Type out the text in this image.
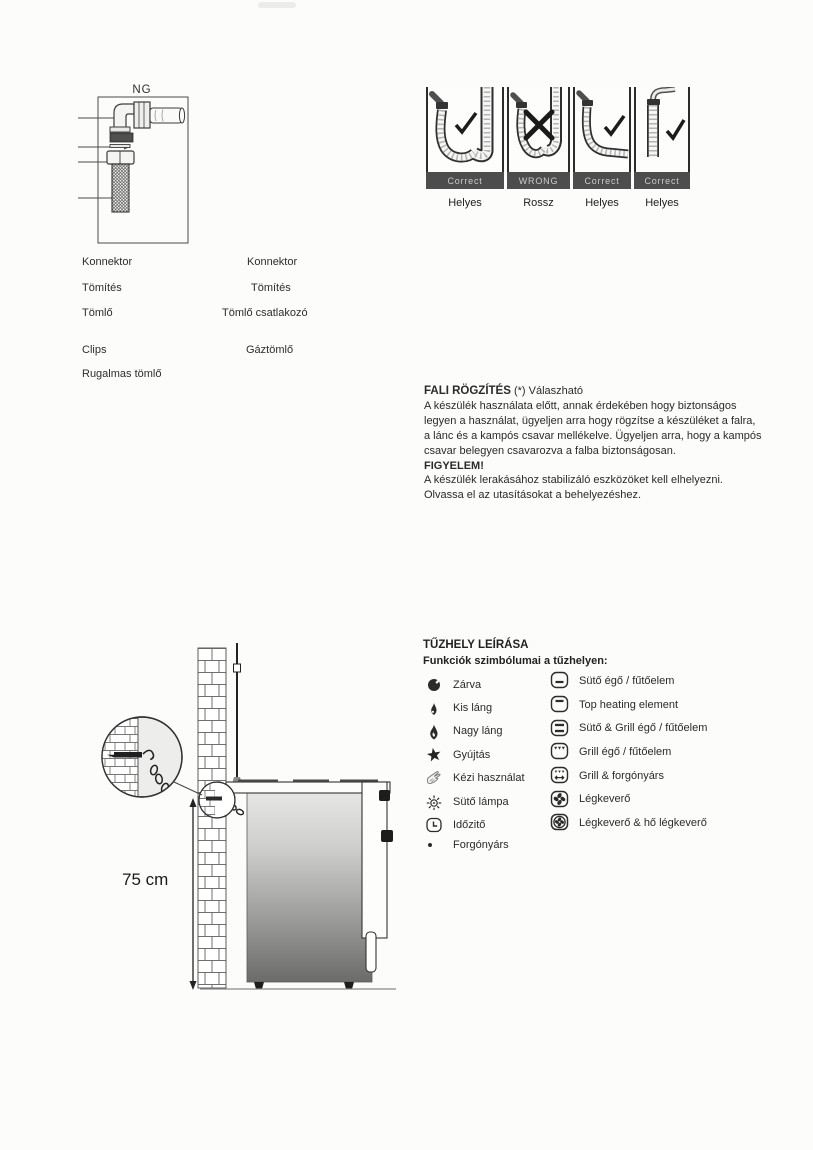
NG
Correct
Helyes
WRONG
Rossz
Correct
Helyes
Correct
Helyes
Konnektor
Tömítés
Tömlő
Clips
Rugalmas tömlő
Konnektor
Tömítés
Tömlő csatlakozó
Gáztömlő
FALI RÖGZÍTÉS (*) Válaszható
A készülék használata előtt, annak érdekében hogy biztonságos
legyen a használat, ügyeljen arra hogy rögzítse a készüléket a falra,
a lánc és a kampós csavar mellékelve. Ügyeljen arra, hogy a kampós
csavar belegyen csavarozva a falba biztonságosan.
FIGYELEM!
A készülék lerakásához stabilizáló eszközöket kell elhelyezni.
Olvassa el az utasításokat a behelyezéshez.
75 cm
TŰZHELY LEÍRÁSA
Funkciók szimbólumai a tűzhelyen:
Zárva
Kis láng
Nagy láng
Gyújtás
Kézi használat
Sütő lámpa
Időzitő
Forgónyárs
Sütő égő / fűtőelem
Top heating element
Sütő & Grill égő / fűtőelem
Grill égő / fűtőelem
Grill & forgónyárs
Légkeverő
Légkeverő & hő légkeverő
